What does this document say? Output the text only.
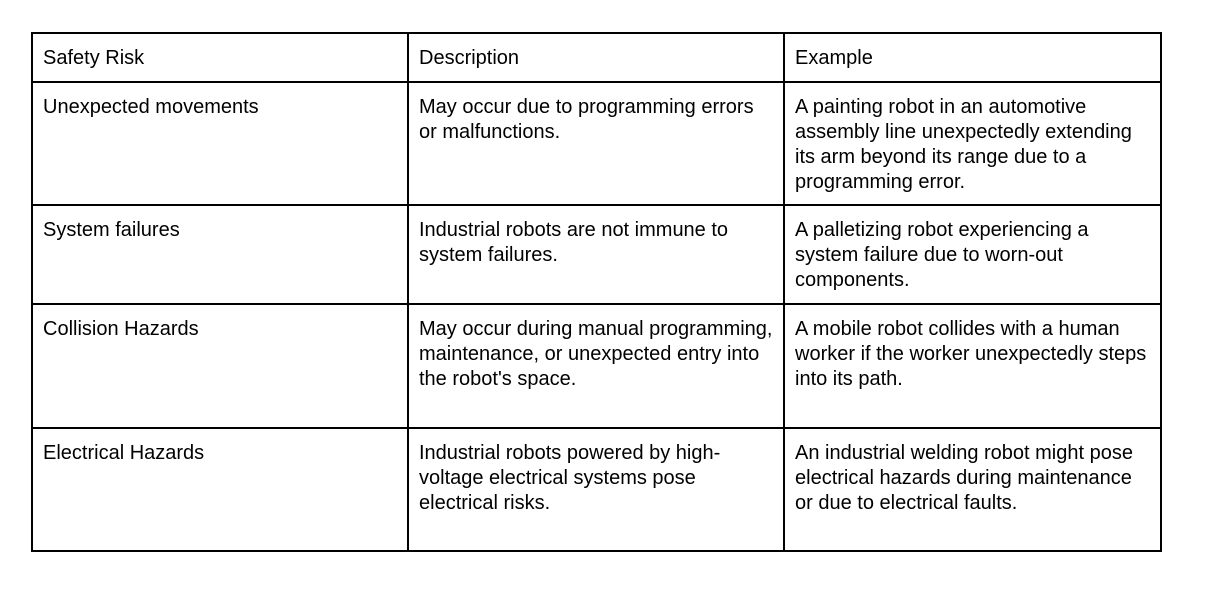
Safety Risk	Description	Example
Unexpected movements	May occur due to programming errors or malfunctions.	A painting robot in an automotive assembly line unexpectedly extending its arm beyond its range due to a programming error.
System failures	Industrial robots are not immune to system failures.	A palletizing robot experiencing a system failure due to worn-out components.
Collision Hazards	May occur during manual programming, maintenance, or unexpected entry into the robot's space.	A mobile robot collides with a human worker if the worker unexpectedly steps into its path.
Electrical Hazards	Industrial robots powered by high-voltage electrical systems pose electrical risks.	An industrial welding robot might pose electrical hazards during maintenance or due to electrical faults.
